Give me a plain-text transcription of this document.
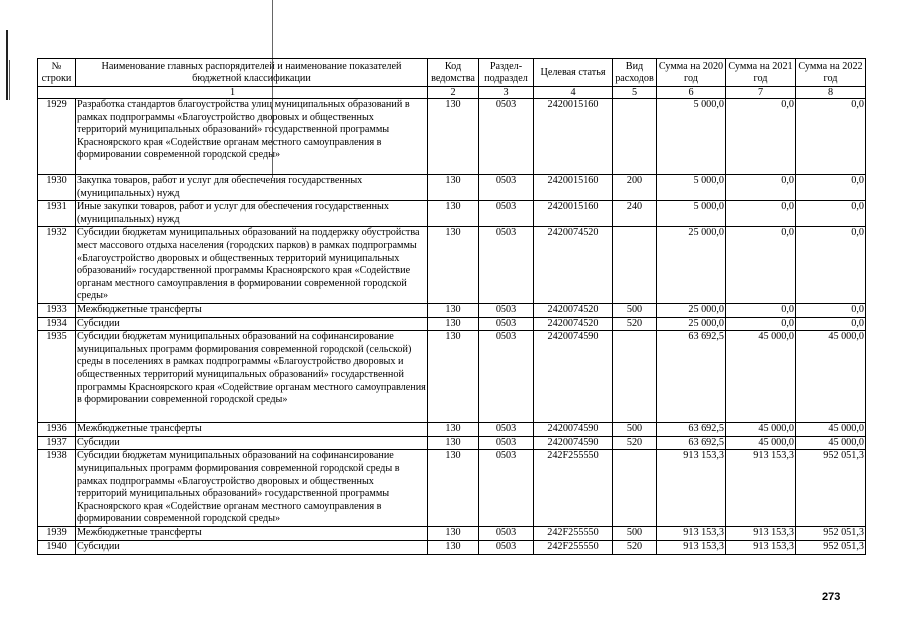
№ строки	Наименование главных распорядителей и наименование показателей бюджетной классификации	Код ведомства	Раздел-подраздел	Целевая статья	Вид расходов	Сумма на 2020 год	Сумма на 2021 год	Сумма на 2022 год
1		2	3	4	5	6	7	8
1929	Разработка стандартов благоустройства улиц муниципальных образований в рамках подпрограммы «Благоустройство дворовых и общественных территорий муниципальных образований» государственной программы Красноярского края «Содействие органам местного самоуправления в формировании современной городской среды»	130	0503	2420015160		5 000,0	0,0	0,0
1930	Закупка товаров, работ и услуг для обеспечения государственных (муниципальных) нужд	130	0503	2420015160	200	5 000,0	0,0	0,0
1931	Иные закупки товаров, работ и услуг для обеспечения государственных (муниципальных) нужд	130	0503	2420015160	240	5 000,0	0,0	0,0
1932	Субсидии бюджетам муниципальных образований на поддержку обустройства мест массового отдыха населения (городских парков) в рамках подпрограммы «Благоустройство дворовых и общественных территорий муниципальных образований» государственной программы Красноярского края «Содействие органам местного самоуправления в формировании современной городской среды»	130	0503	2420074520		25 000,0	0,0	0,0
1933	Межбюджетные трансферты	130	0503	2420074520	500	25 000,0	0,0	0,0
1934	Субсидии	130	0503	2420074520	520	25 000,0	0,0	0,0
1935	Субсидии бюджетам муниципальных образований на софинансирование муниципальных программ формирования современной городской (сельской) среды в поселениях в рамках подпрограммы «Благоустройство дворовых и общественных территорий муниципальных образований» государственной программы Красноярского края «Содействие органам местного самоуправления в формировании современной городской среды»	130	0503	2420074590		63 692,5	45 000,0	45 000,0
1936	Межбюджетные трансферты	130	0503	2420074590	500	63 692,5	45 000,0	45 000,0
1937	Субсидии	130	0503	2420074590	520	63 692,5	45 000,0	45 000,0
1938	Субсидии бюджетам муниципальных образований на софинансирование муниципальных программ формирования современной городской среды в рамках подпрограммы «Благоустройство дворовых и общественных территорий муниципальных образований» государственной программы Красноярского края «Содействие органам местного самоуправления в формировании современной городской среды»	130	0503	242F255550		913 153,3	913 153,3	952 051,3
1939	Межбюджетные трансферты	130	0503	242F255550	500	913 153,3	913 153,3	952 051,3
1940	Субсидии	130	0503	242F255550	520	913 153,3	913 153,3	952 051,3
273
